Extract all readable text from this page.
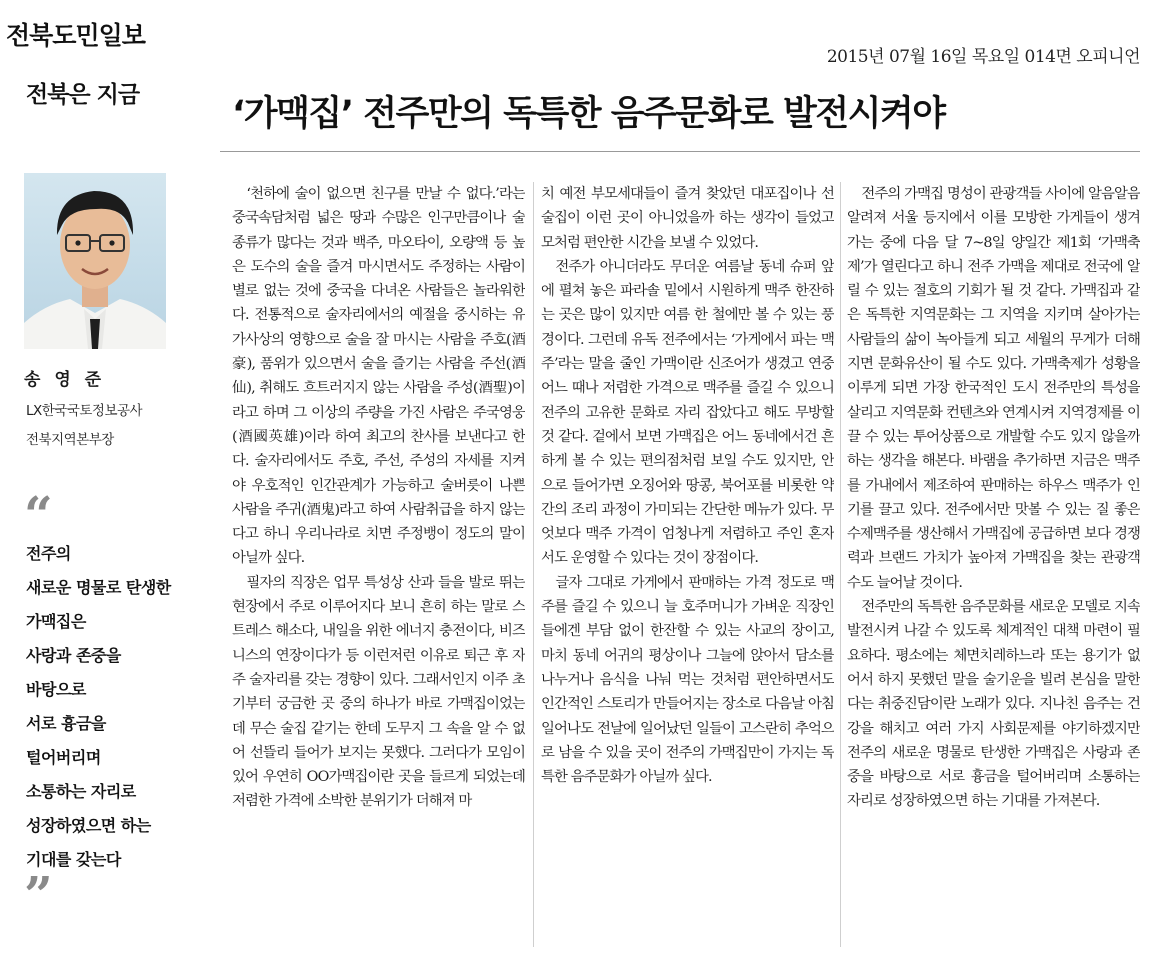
전북도민일보
전북은 지금
2015년 07월 16일 목요일 014면 오피니언
‘가맥집’ 전주만의 독특한 음주문화로 발전시켜야
송 영 준
LX한국국토정보공사
전북지역본부장
“
전주의
새로운 명물로 탄생한
가맥집은
사랑과 존중을
바탕으로
서로 흉금을
털어버리며
소통하는 자리로
성장하였으면 하는
기대를 갖는다
”

‘천하에 술이 없으면 친구를 만날 수 없다.’라는 중국속담처럼 넓은 땅과 수많은 인구만큼이나 술 종류가 많다는 것과 백주, 마오타이, 오량액 등 높은 도수의 술을 즐겨 마시면서도 주정하는 사람이 별로 없는 것에 중국을 다녀온 사람들은 놀라워한다. 전통적으로 술자리에서의 예절을 중시하는 유가사상의 영향으로 술을 잘 마시는 사람을 주호(酒豪), 품위가 있으면서 술을 즐기는 사람을 주선(酒仙), 취해도 흐트러지지 않는 사람을 주성(酒聖)이라고 하며 그 이상의 주량을 가진 사람은 주국영웅(酒國英雄)이라 하여 최고의 찬사를 보낸다고 한다. 술자리에서도 주호, 주선, 주성의 자세를 지켜야 우호적인 인간관계가 가능하고 술버릇이 나쁜 사람을 주귀(酒鬼)라고 하여 사람취급을 하지 않는다고 하니 우리나라로 치면 주정뱅이 정도의 말이 아닐까 싶다.

필자의 직장은 업무 특성상 산과 들을 발로 뛰는 현장에서 주로 이루어지다 보니 흔히 하는 말로 스트레스 해소다, 내일을 위한 에너지 충전이다, 비즈니스의 연장이다가 등 이런저런 이유로 퇴근 후 자주 술자리를 갖는 경향이 있다. 그래서인지 이주 초기부터 궁금한 곳 중의 하나가 바로 가맥집이었는데 무슨 술집 같기는 한데 도무지 그 속을 알 수 없어 선뜰리 들어가 보지는 못했다. 그러다가 모임이 있어 우연히 OO가맥집이란 곳을 들르게 되었는데 저렴한 가격에 소박한 분위기가 더해져 마

치 예전 부모세대들이 즐겨 찾았던 대포집이나 선술집이 이런 곳이 아니었을까 하는 생각이 들었고 모처럼 편안한 시간을 보낼 수 있었다.

전주가 아니더라도 무더운 여름날 동네 슈퍼 앞에 펼쳐 놓은 파라솔 밑에서 시원하게 맥주 한잔하는 곳은 많이 있지만 여름 한 철에만 볼 수 있는 풍경이다. 그런데 유독 전주에서는 ‘가게에서 파는 맥주’라는 말을 줄인 가맥이란 신조어가 생겼고 연중 어느 때나 저렴한 가격으로 맥주를 즐길 수 있으니 전주의 고유한 문화로 자리 잡았다고 해도 무방할 것 같다. 겉에서 보면 가맥집은 어느 동네에서건 흔하게 볼 수 있는 편의점처럼 보일 수도 있지만, 안으로 들어가면 오징어와 땅콩, 북어포를 비롯한 약간의 조리 과정이 가미되는 간단한 메뉴가 있다. 무엇보다 맥주 가격이 엄청나게 저렴하고 주인 혼자서도 운영할 수 있다는 것이 장점이다.

글자 그대로 가게에서 판매하는 가격 정도로 맥주를 즐길 수 있으니 늘 호주머니가 가벼운 직장인들에겐 부담 없이 한잔할 수 있는 사교의 장이고, 마치 동네 어귀의 평상이나 그늘에 앉아서 담소를 나누거나 음식을 나눠 먹는 것처럼 편안하면서도 인간적인 스토리가 만들어지는 장소로 다음날 아침 일어나도 전날에 일어났던 일들이 고스란히 추억으로 남을 수 있을 곳이 전주의 가맥집만이 가지는 독특한 음주문화가 아닐까 싶다.

전주의 가맥집 명성이 관광객들 사이에 알음알음 알려져 서울 등지에서 이를 모방한 가게들이 생겨가는 중에 다음 달 7~8일 양일간 제1회 ‘가맥축제’가 열린다고 하니 전주 가맥을 제대로 전국에 알릴 수 있는 절호의 기회가 될 것 같다. 가맥집과 같은 독특한 지역문화는 그 지역을 지키며 살아가는 사람들의 삶이 녹아들게 되고 세월의 무게가 더해지면 문화유산이 될 수도 있다. 가맥축제가 성황을 이루게 되면 가장 한국적인 도시 전주만의 특성을 살리고 지역문화 컨텐츠와 연계시켜 지역경제를 이끌 수 있는 투어상품으로 개발할 수도 있지 않을까 하는 생각을 해본다. 바램을 추가하면 지금은 맥주를 가내에서 제조하여 판매하는 하우스 맥주가 인기를 끌고 있다. 전주에서만 맛볼 수 있는 질 좋은 수제맥주를 생산해서 가맥집에 공급하면 보다 경쟁력과 브랜드 가치가 높아져 가맥집을 찾는 관광객 수도 늘어날 것이다.

전주만의 독특한 음주문화를 새로운 모델로 지속 발전시켜 나갈 수 있도록 체계적인 대책 마련이 필요하다. 평소에는 체면치레하느라 또는 용기가 없어서 하지 못했던 말을 술기운을 빌려 본심을 말한다는 취중진담이란 노래가 있다. 지나친 음주는 건강을 해치고 여러 가지 사회문제를 야기하겠지만 전주의 새로운 명물로 탄생한 가맥집은 사랑과 존중을 바탕으로 서로 흉금을 털어버리며 소통하는 자리로 성장하였으면 하는 기대를 가져본다.
